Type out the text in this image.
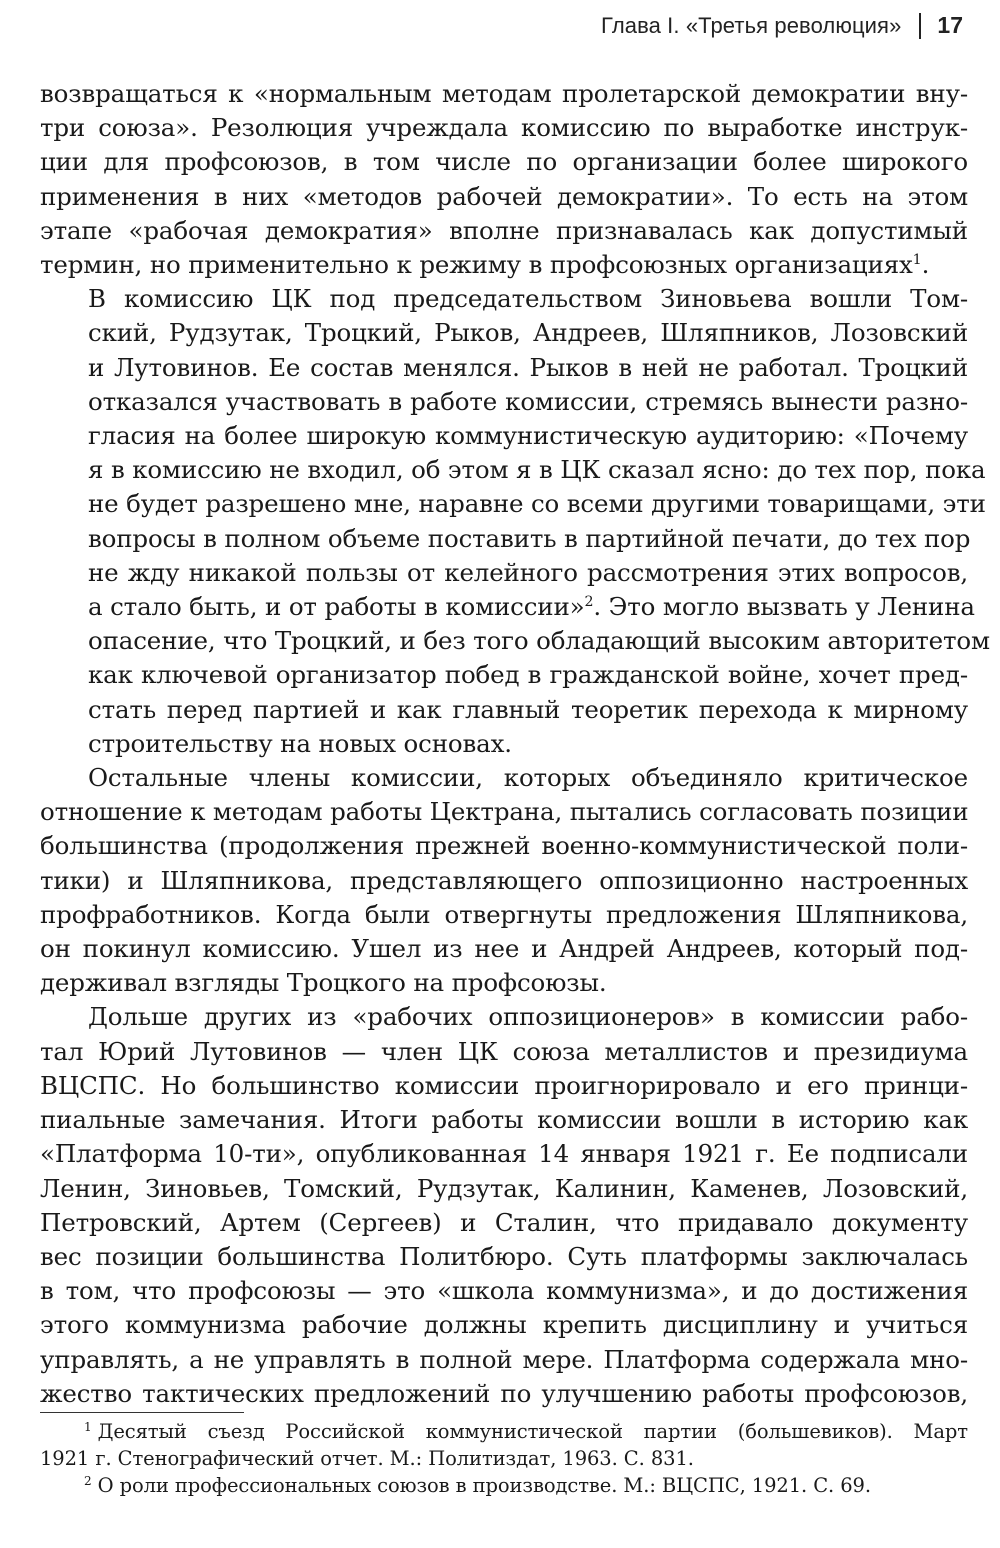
Глава I. «Третья революция» 17

возвращаться к «нормальным методам пролетарской демократии вну-
три союза». Резолюция учреждала комиссию по выработке инструк-
ции для профсоюзов, в том числе по организации более широкого
применения в них «методов рабочей демократии». То есть на этом
этапе «рабочая демократия» вполне признавалась как допустимый
термин, но применительно к режиму в профсоюзных организациях$^1$.

В комиссию ЦК под председательством Зиновьева вошли Том-
ский, Рудзутак, Троцкий, Рыков, Андреев, Шляпников, Лозовский
и Лутовинов. Ее состав менялся. Рыков в ней не работал. Троцкий
отказался участвовать в работе комиссии, стремясь вынести разно-
гласия на более широкую коммунистическую аудиторию: «Почему
я в комиссию не входил, об этом я в ЦК сказал ясно: до тех пор, пока
не будет разрешено мне, наравне со всеми другими товарищами, эти
вопросы в полном объеме поставить в партийной печати, до тех пор
не жду никакой пользы от келейного рассмотрения этих вопросов,
а стало быть, и от работы в комиссии»$^2$. Это могло вызвать у Ленина
опасение, что Троцкий, и без того обладающий высоким авторитетом
как ключевой организатор побед в гражданской войне, хочет пред-
стать перед партией и как главный теоретик перехода к мирному
строительству на новых основах.

Остальные члены комиссии, которых объединяло критическое
отношение к методам работы Цектрана, пытались согласовать позиции
большинства (продолжения прежней военно-коммунистической поли-
тики) и Шляпникова, представляющего оппозиционно настроенных
профработников. Когда были отвергнуты предложения Шляпникова,
он покинул комиссию. Ушел из нее и Андрей Андреев, который под-
держивал взгляды Троцкого на профсоюзы.

Дольше других из «рабочих оппозиционеров» в комиссии рабо-
тал Юрий Лутовинов — член ЦК союза металлистов и президиума
ВЦСПС. Но большинство комиссии проигнорировало и его принци-
пиальные замечания. Итоги работы комиссии вошли в историю как
«Платформа 10-ти», опубликованная 14 января 1921 г. Ее подписали
Ленин, Зиновьев, Томский, Рудзутак, Калинин, Каменев, Лозовский,
Петровский, Артем (Сергеев) и Сталин, что придавало документу
вес позиции большинства Политбюро. Суть платформы заключалась
в том, что профсоюзы — это «школа коммунизма», и до достижения
этого коммунизма рабочие должны крепить дисциплину и учиться
управлять, а не управлять в полной мере. Платформа содержала мно-
жество тактических предложений по улучшению работы профсоюзов,

$^1$ Десятый съезд Российской коммунистической партии (большевиков). Март
1921 г. Стенографический отчет. М.: Политиздат, 1963. С. 831.
$^2$ О роли профессиональных союзов в производстве. М.: ВЦСПС, 1921. С. 69.
